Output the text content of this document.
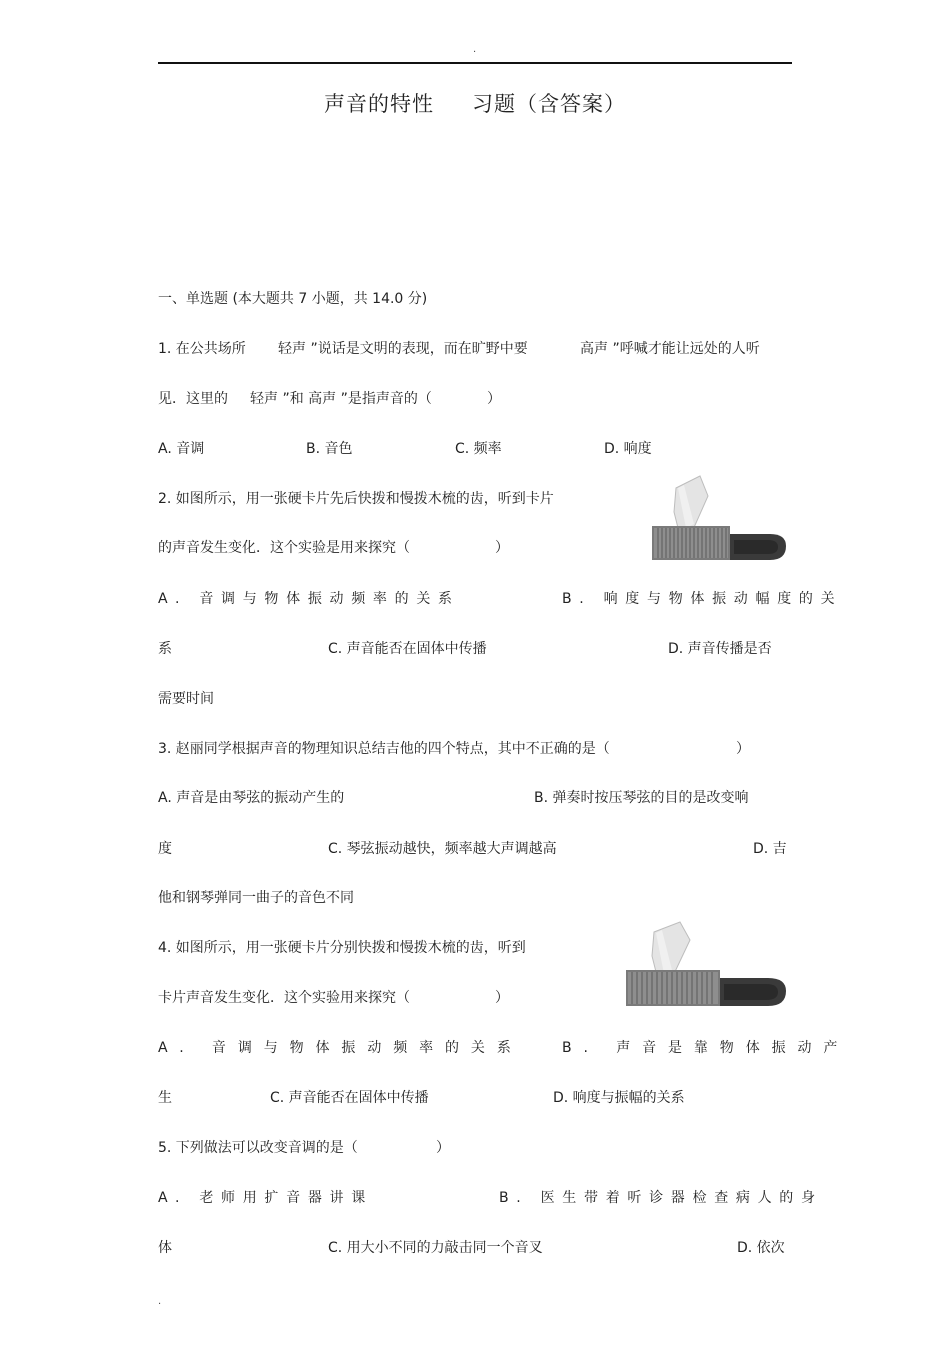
.
声音的特性 习题（含答案）
一、单选题 (本大题共 7 小题，共 14.0 分)
1. 在公共场所 轻声 ”说话是文明的表现，而在旷野中要	高声 ”呼喊才能让远处的人听
见．这里的 轻声 ”和 高声 ”是指声音的（	）
A. 音调	B. 音色	C. 频率	D. 响度
2. 如图所示，用一张硬卡片先后快拨和慢拨木梳的齿，听到卡片
的声音发生变化．这个实验是用来探究（	）
A. 音调与物体振动频率的关系	B. 响度与物体振动幅度的关
系	C. 声音能否在固体中传播	D. 声音传播是否
需要时间
3. 赵丽同学根据声音的物理知识总结吉他的四个特点，其中不正确的是（	）
A. 声音是由琴弦的振动产生的	B. 弹奏时按压琴弦的目的是改变响
度	C. 琴弦振动越快，频率越大声调越高	D. 吉
他和钢琴弹同一曲子的音色不同
4. 如图所示，用一张硬卡片分别快拨和慢拨木梳的齿，听到
卡片声音发生变化．这个实验用来探究（	）
A. 音调与物体振动频率的关系	B. 声音是靠物体振动产
生	C. 声音能否在固体中传播	D. 响度与振幅的关系
5. 下列做法可以改变音调的是（	）
A. 老师用扩音器讲课	B. 医生带着听诊器检查病人的身
体	C. 用大小不同的力敲击同一个音叉	D. 依次
.
